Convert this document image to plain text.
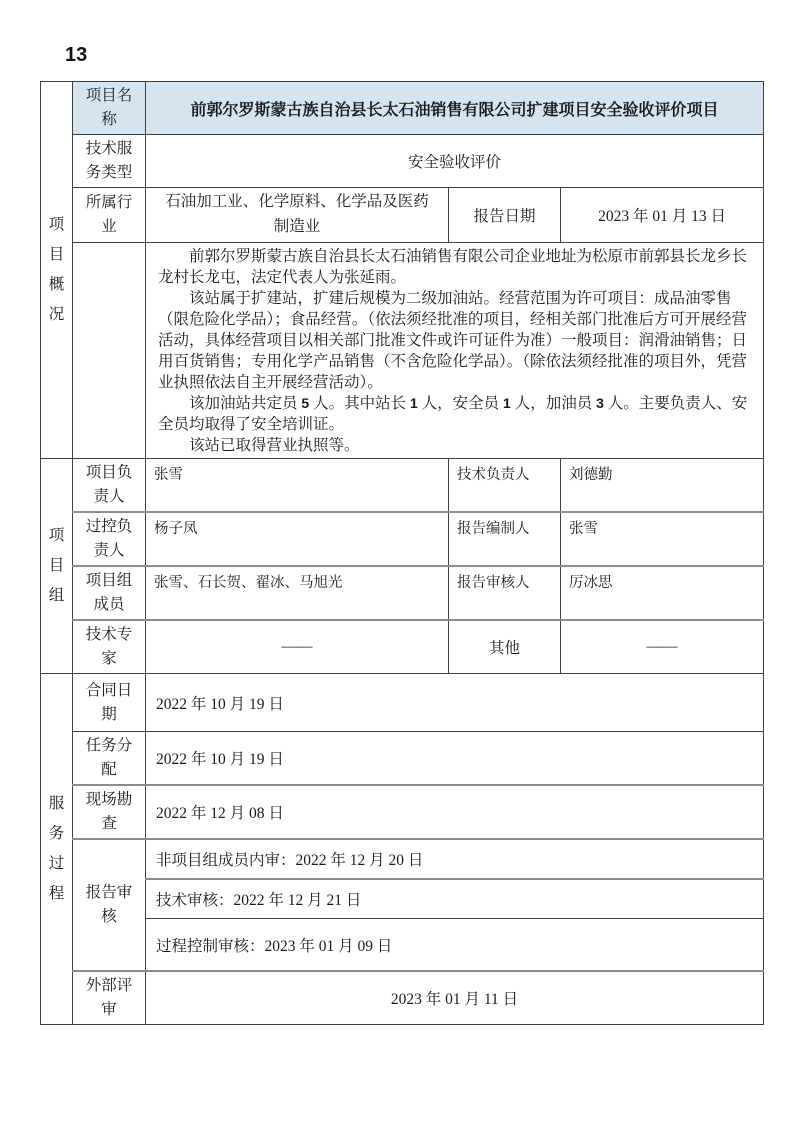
13
项目概况	项目名称	前郭尔罗斯蒙古族自治县长太石油销售有限公司扩建项目安全验收评价项目		
	技术服务类型	安全验收评价		
	所属行业	石油加工业、化学原料、化学品及医药制造业	报告日期	2023 年 01 月 13 日

		前郭尔罗斯蒙古族自治县长太石油销售有限公司企业地址为松原市前郭县长龙乡长龙村长龙屯，法定代表人为张延雨。

该站属于扩建站，扩建后规模为二级加油站。经营范围为许可项目：成品油零售（限危险化学品）；食品经营。（依法须经批准的项目，经相关部门批准后方可开展经营活动，具体经营项目以相关部门批准文件或许可证件为准）一般项目：润滑油销售；日用百货销售；专用化学产品销售（不含危险化学品）。（除依法须经批准的项目外，凭营业执照依法自主开展经营活动）。

该加油站共定员 5 人。其中站长 1 人，安全员 1 人，加油员 3 人。主要负责人、安全员均取得了安全培训证。

该站已取得营业执照等。		

项目组	项目负责人	张雪	技术负责人	刘德勤
	过控负责人	杨子凤	报告编制人	张雪
	项目组成员	张雪、石长贺、翟冰、马旭光	报告审核人	厉冰思
	技术专家	——	其他	——
服务过程	合同日期	2022 年 10 月 19 日		
	任务分配	2022 年 10 月 19 日		
	现场勘查	2022 年 12 月 08 日		
	报告审核	非项目组成员内审：2022 年 12 月 20 日		
		技术审核：2022 年 12 月 21 日		
		过程控制审核：2023 年 01 月 09 日		
	外部评审	2023 年 01 月 11 日		
